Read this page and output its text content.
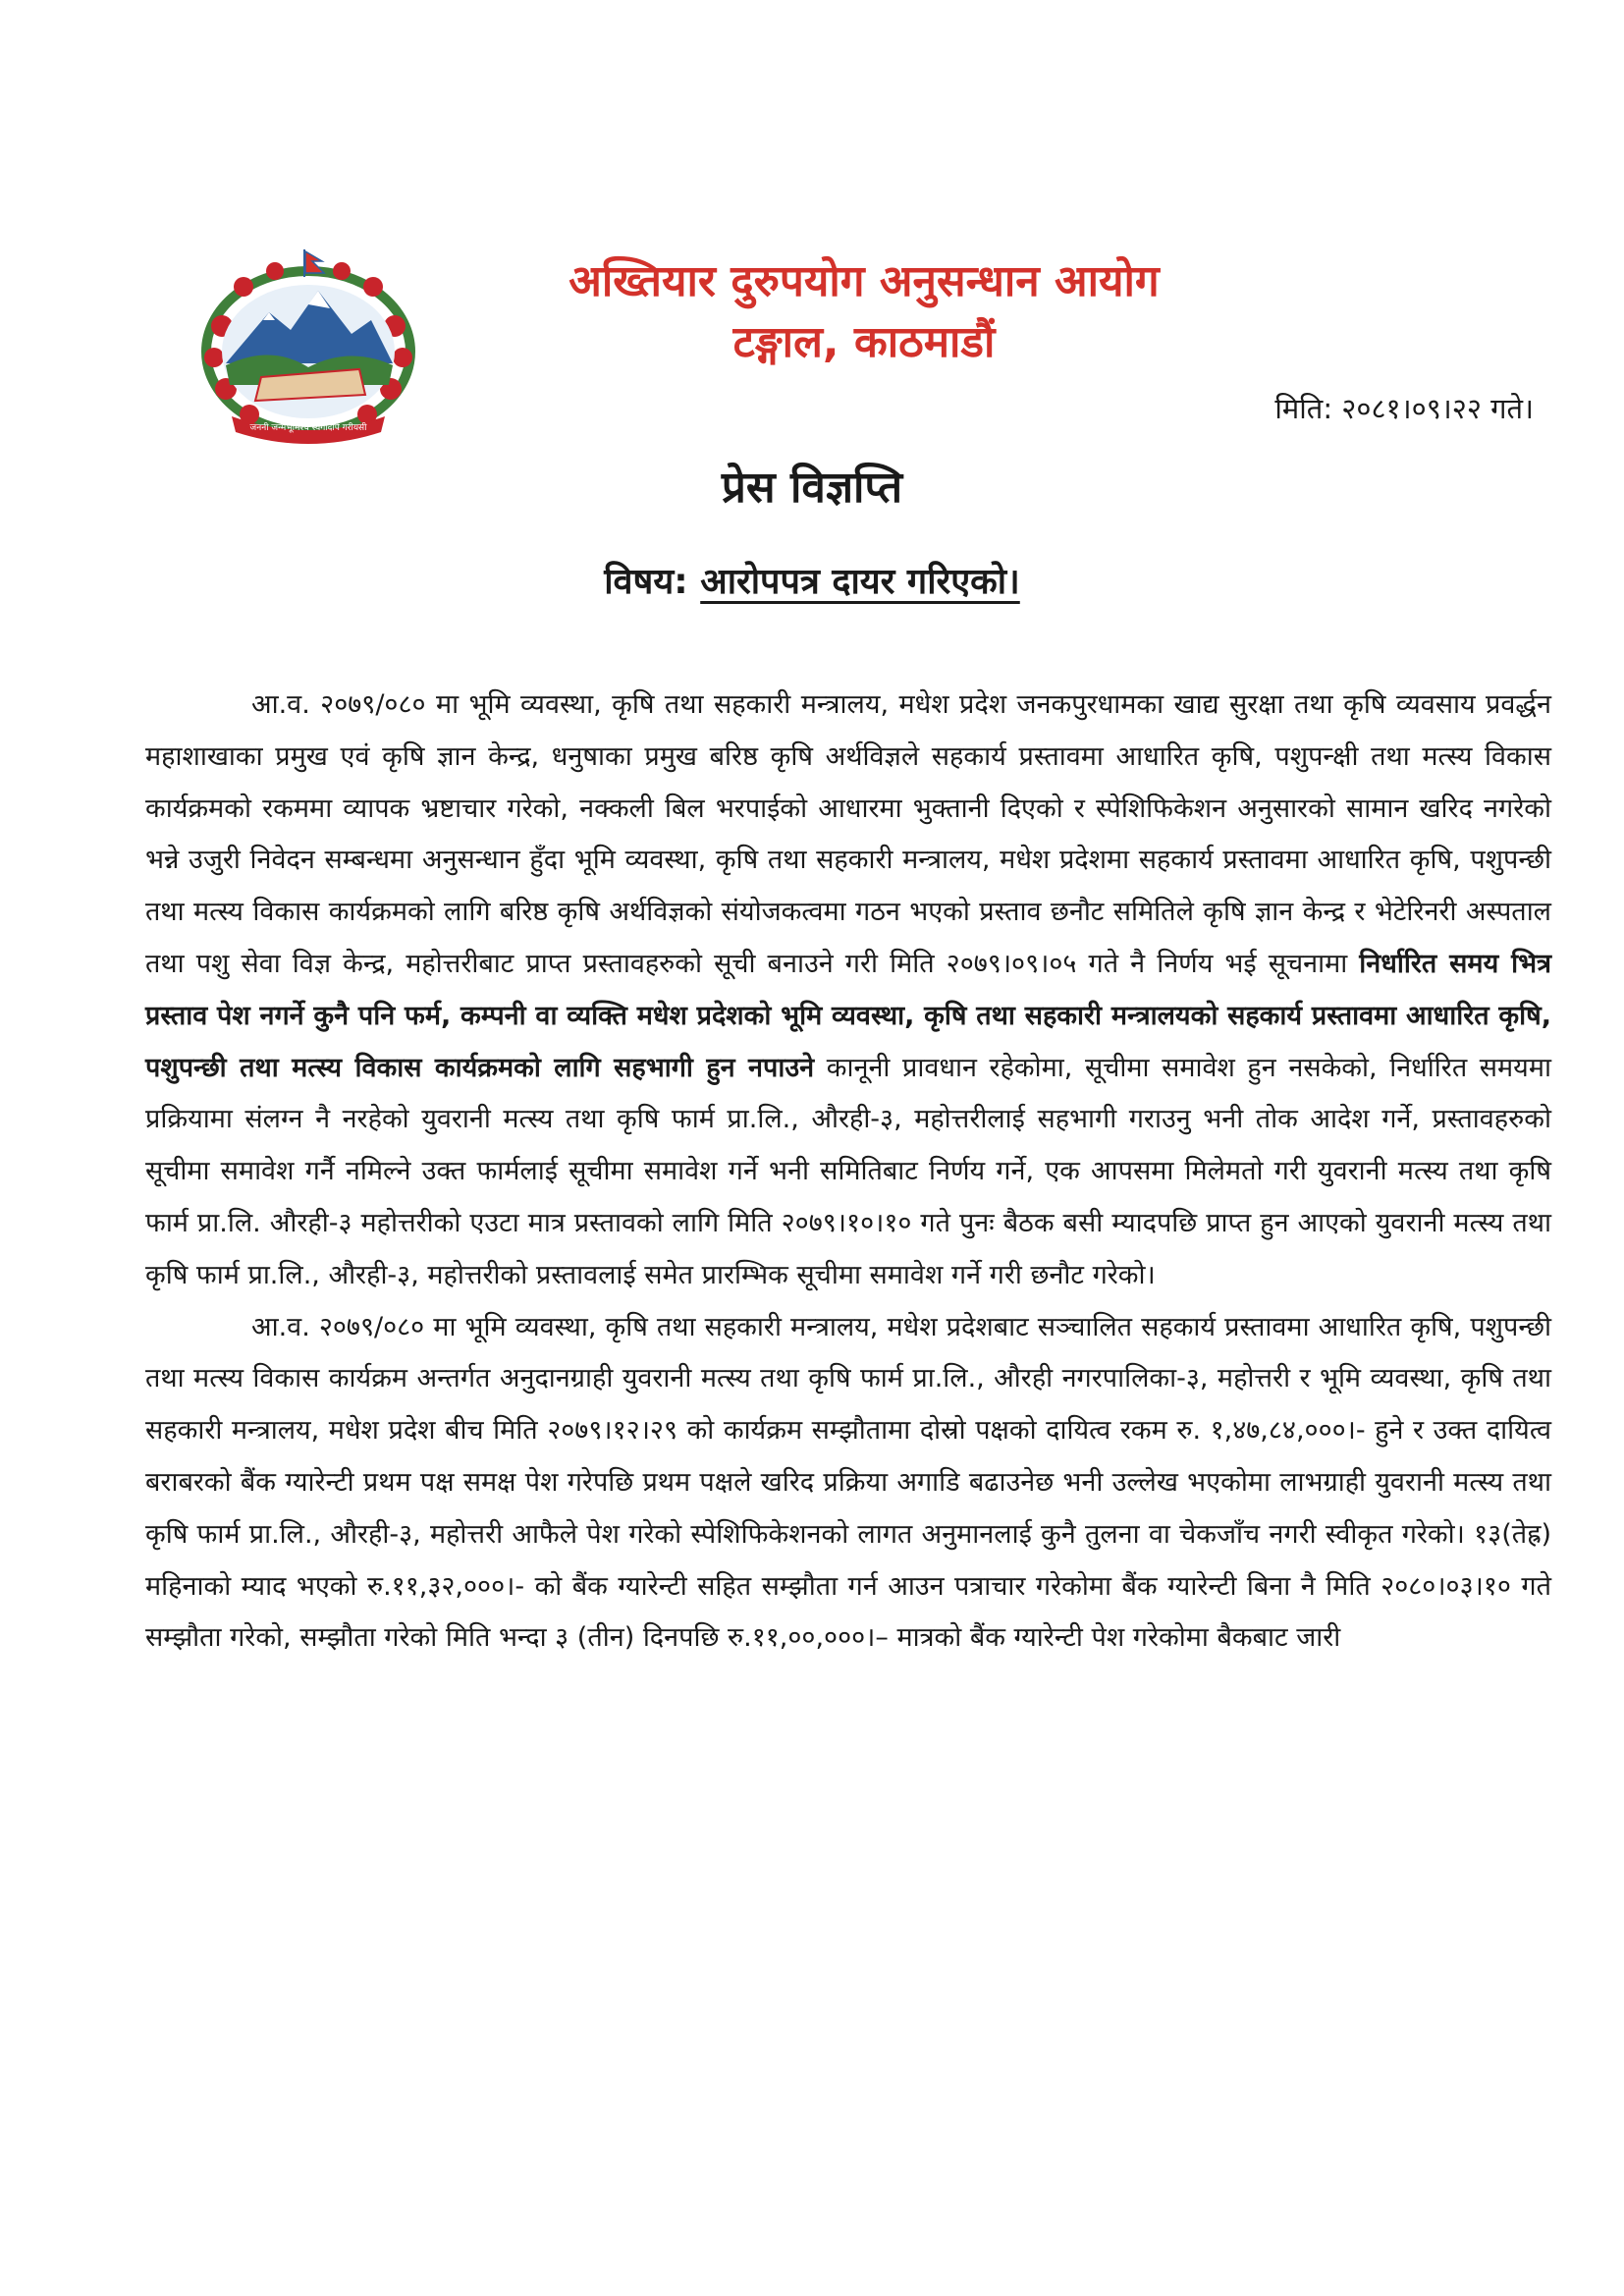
जननी जन्मभूमिश्च स्वर्गादपि गरीयसी
अख्तियार दुरुपयोग अनुसन्धान आयोग
टङ्गाल, काठमाडौं
मिति: २०८१।०९।२२ गते।
प्रेस विज्ञप्ति
विषय: आरोपपत्र दायर गरिएको।

आ.व. २०७९/०८० मा भूमि व्यवस्था, कृषि तथा सहकारी मन्त्रालय, मधेश प्रदेश जनकपुरधामका खाद्य सुरक्षा तथा कृषि व्यवसाय प्रवर्द्धन महाशाखाका प्रमुख एवं कृषि ज्ञान केन्द्र, धनुषाका प्रमुख बरिष्ठ कृषि अर्थविज्ञले सहकार्य प्रस्तावमा आधारित कृषि, पशुपन्क्षी तथा मत्स्य विकास कार्यक्रमको रकममा व्यापक भ्रष्टाचार गरेको, नक्कली बिल भरपाईको आधारमा भुक्तानी दिएको र स्पेशिफिकेशन अनुसारको सामान खरिद नगरेको भन्ने उजुरी निवेदन सम्बन्धमा अनुसन्धान हुँदा भूमि व्यवस्था, कृषि तथा सहकारी मन्त्रालय, मधेश प्रदेशमा सहकार्य प्रस्तावमा आधारित कृषि, पशुपन्छी तथा मत्स्य विकास कार्यक्रमको लागि बरिष्ठ कृषि अर्थविज्ञको संयोजकत्वमा गठन भएको प्रस्ताव छनौट समितिले कृषि ज्ञान केन्द्र र भेटेरिनरी अस्पताल तथा पशु सेवा विज्ञ केन्द्र, महोत्तरीबाट प्राप्त प्रस्तावहरुको सूची बनाउने गरी मिति २०७९।०९।०५ गते नै निर्णय भई सूचनामा निर्धारित समय भित्र प्रस्ताव पेश नगर्ने कुनै पनि फर्म, कम्पनी वा व्यक्ति मधेश प्रदेशको भूमि व्यवस्था, कृषि तथा सहकारी मन्त्रालयको सहकार्य प्रस्तावमा आधारित कृषि, पशुपन्छी तथा मत्स्य विकास कार्यक्रमको लागि सहभागी हुन नपाउने कानूनी प्रावधान रहेकोमा, सूचीमा समावेश हुन नसकेको, निर्धारित समयमा प्रक्रियामा संलग्न नै नरहेको युवरानी मत्स्य तथा कृषि फार्म प्रा.लि., औरही-३, महोत्तरीलाई सहभागी गराउनु भनी तोक आदेश गर्ने, प्रस्तावहरुको सूचीमा समावेश गर्नै नमिल्ने उक्त फार्मलाई सूचीमा समावेश गर्ने भनी समितिबाट निर्णय गर्ने, एक आपसमा मिलेमतो गरी युवरानी मत्स्य तथा कृषि फार्म प्रा.लि. औरही-३ महोत्तरीको एउटा मात्र प्रस्तावको लागि मिति २०७९।१०।१० गते पुनः बैठक बसी म्यादपछि प्राप्त हुन आएको युवरानी मत्स्य तथा कृषि फार्म प्रा.लि., औरही-३, महोत्तरीको प्रस्तावलाई समेत प्रारम्भिक सूचीमा समावेश गर्ने गरी छनौट गरेको।

आ.व. २०७९/०८० मा भूमि व्यवस्था, कृषि तथा सहकारी मन्त्रालय, मधेश प्रदेशबाट सञ्चालित सहकार्य प्रस्तावमा आधारित कृषि, पशुपन्छी तथा मत्स्य विकास कार्यक्रम अन्तर्गत अनुदानग्राही युवरानी मत्स्य तथा कृषि फार्म प्रा.लि., औरही नगरपालिका-३, महोत्तरी र भूमि व्यवस्था, कृषि तथा सहकारी मन्त्रालय, मधेश प्रदेश बीच मिति २०७९।१२।२९ को कार्यक्रम सम्झौतामा दोस्रो पक्षको दायित्व रकम रु. १,४७,८४,०००।- हुने र उक्त दायित्व बराबरको बैंक ग्यारेन्टी प्रथम पक्ष समक्ष पेश गरेपछि प्रथम पक्षले खरिद प्रक्रिया अगाडि बढाउनेछ भनी उल्लेख भएकोमा लाभग्राही युवरानी मत्स्य तथा कृषि फार्म प्रा.लि., औरही-३, महोत्तरी आफैले पेश गरेको स्पेशिफिकेशनको लागत अनुमानलाई कुनै तुलना वा चेकजाँच नगरी स्वीकृत गरेको। १३(तेह्र) महिनाको म्याद भएको रु.११,३२,०००।- को बैंक ग्यारेन्टी सहित सम्झौता गर्न आउन पत्राचार गरेकोमा बैंक ग्यारेन्टी बिना नै मिति २०८०।०३।१० गते सम्झौता गरेको, सम्झौता गरेको मिति भन्दा ३ (तीन) दिनपछि रु.११,००,०००।– मात्रको बैंक ग्यारेन्टी पेश गरेकोमा बैकबाट जारी
